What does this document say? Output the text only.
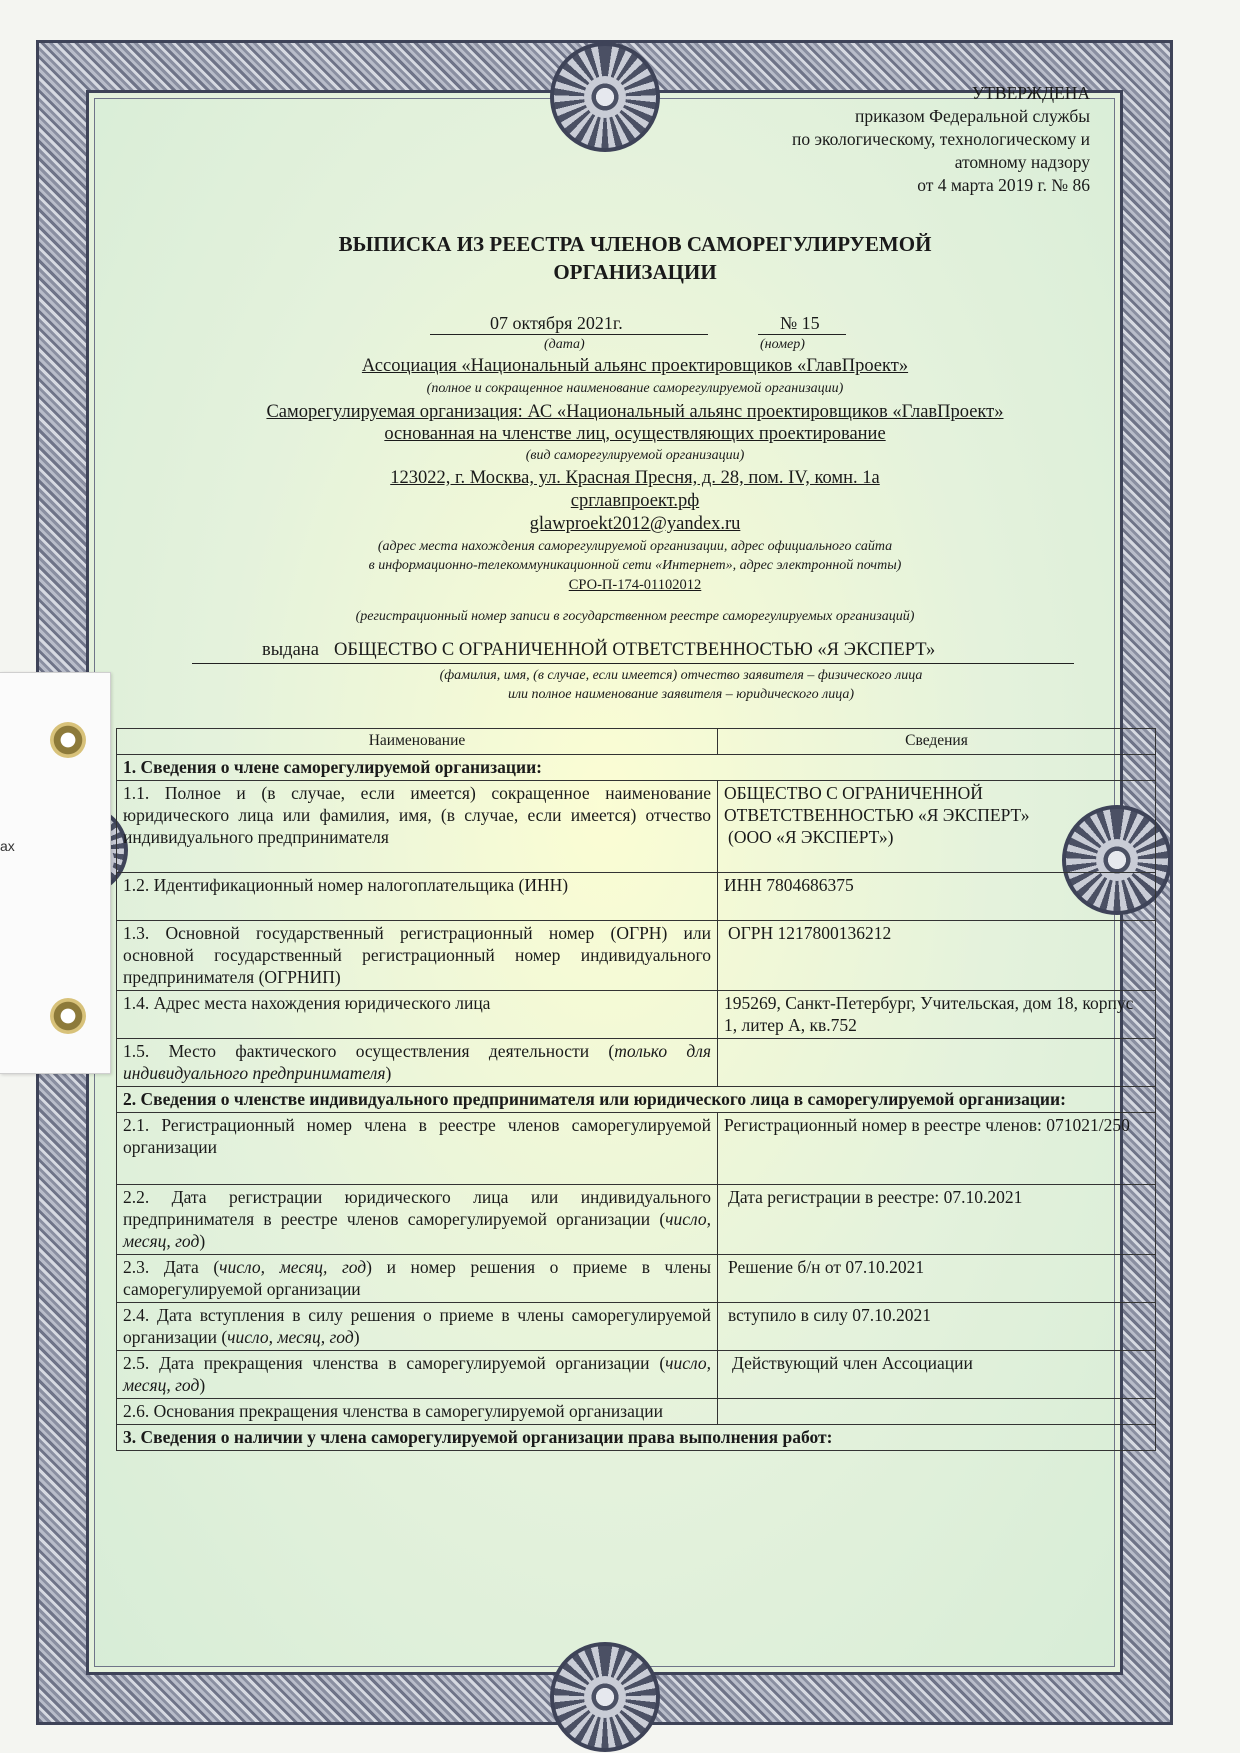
ах
УТВЕРЖДЕНА
приказом Федеральной службы
по экологическому, технологическому и
атомному надзору
от 4 марта 2019 г. № 86
ВЫПИСКА ИЗ РЕЕСТРА ЧЛЕНОВ САМОРЕГУЛИРУЕМОЙ
ОРГАНИЗАЦИИ
07 октября 2021г.
(дата)
№ 15
(номер)
Ассоциация «Национальный альянс проектировщиков «ГлавПроект»
(полное и сокращенное наименование саморегулируемой организации)
Саморегулируемая организация: АС «Национальный альянс проектировщиков «ГлавПроект»
основанная на членстве лиц, осуществляющих проектирование
(вид саморегулируемой организации)
123022, г. Москва, ул. Красная Пресня, д. 28, пом. IV, комн. 1а
срглавпроект.рф
glawproekt2012@yandex.ru
(адрес места нахождения саморегулируемой организации, адрес официального сайта
в информационно-телекоммуникационной сети «Интернет», адрес электронной почты)
СРО-П-174-01102012
(регистрационный номер записи в государственном реестре саморегулируемых организаций)
выдана ОБЩЕСТВО С ОГРАНИЧЕННОЙ ОТВЕТСТВЕННОСТЬЮ «Я ЭКСПЕРТ»
(фамилия, имя, (в случае, если имеется) отчество заявителя – физического лица
или полное наименование заявителя – юридического лица)
Наименование	Сведения
1. Сведения о члене саморегулируемой организации:	
1.1. Полное и (в случае, если имеется) сокращенное наименование юридического лица или фамилия, имя, (в случае, если имеется) отчество индивидуального предпринимателя	ОБЩЕСТВО С ОГРАНИЧЕННОЙ ОТВЕТСТВЕННОСТЬЮ «Я ЭКСПЕРТ»
(ООО «Я ЭКСПЕРТ»)

1.2. Идентификационный номер налогоплательщика (ИНН)	ИНН 7804686375
1.3. Основной государственный регистрационный номер (ОГРН) или основной государственный регистрационный номер индивидуального предпринимателя (ОГРНИП)	ОГРН 1217800136212
1.4. Адрес места нахождения юридического лица	195269, Санкт-Петербург, Учительская, дом 18, корпус 1, литер А, кв.752
1.5. Место фактического осуществления деятельности (только для индивидуального предпринимателя)	
2. Сведения о членстве индивидуального предпринимателя или юридического лица в саморегулируемой организации:	
2.1. Регистрационный номер члена в реестре членов саморегулируемой организации	Регистрационный номер в реестре членов: 071021/250
2.2. Дата регистрации юридического лица или индивидуального предпринимателя в реестре членов саморегулируемой организации (число, месяц, год)	Дата регистрации в реестре: 07.10.2021
2.3. Дата (число, месяц, год) и номер решения о приеме в члены саморегулируемой организации	Решение б/н от 07.10.2021
2.4. Дата вступления в силу решения о приеме в члены саморегулируемой организации (число, месяц, год)	вступило в силу 07.10.2021
2.5. Дата прекращения членства в саморегулируемой организации (число, месяц, год)	Действующий член Ассоциации
2.6. Основания прекращения членства в саморегулируемой организации	
3. Сведения о наличии у члена саморегулируемой организации права выполнения работ:	
